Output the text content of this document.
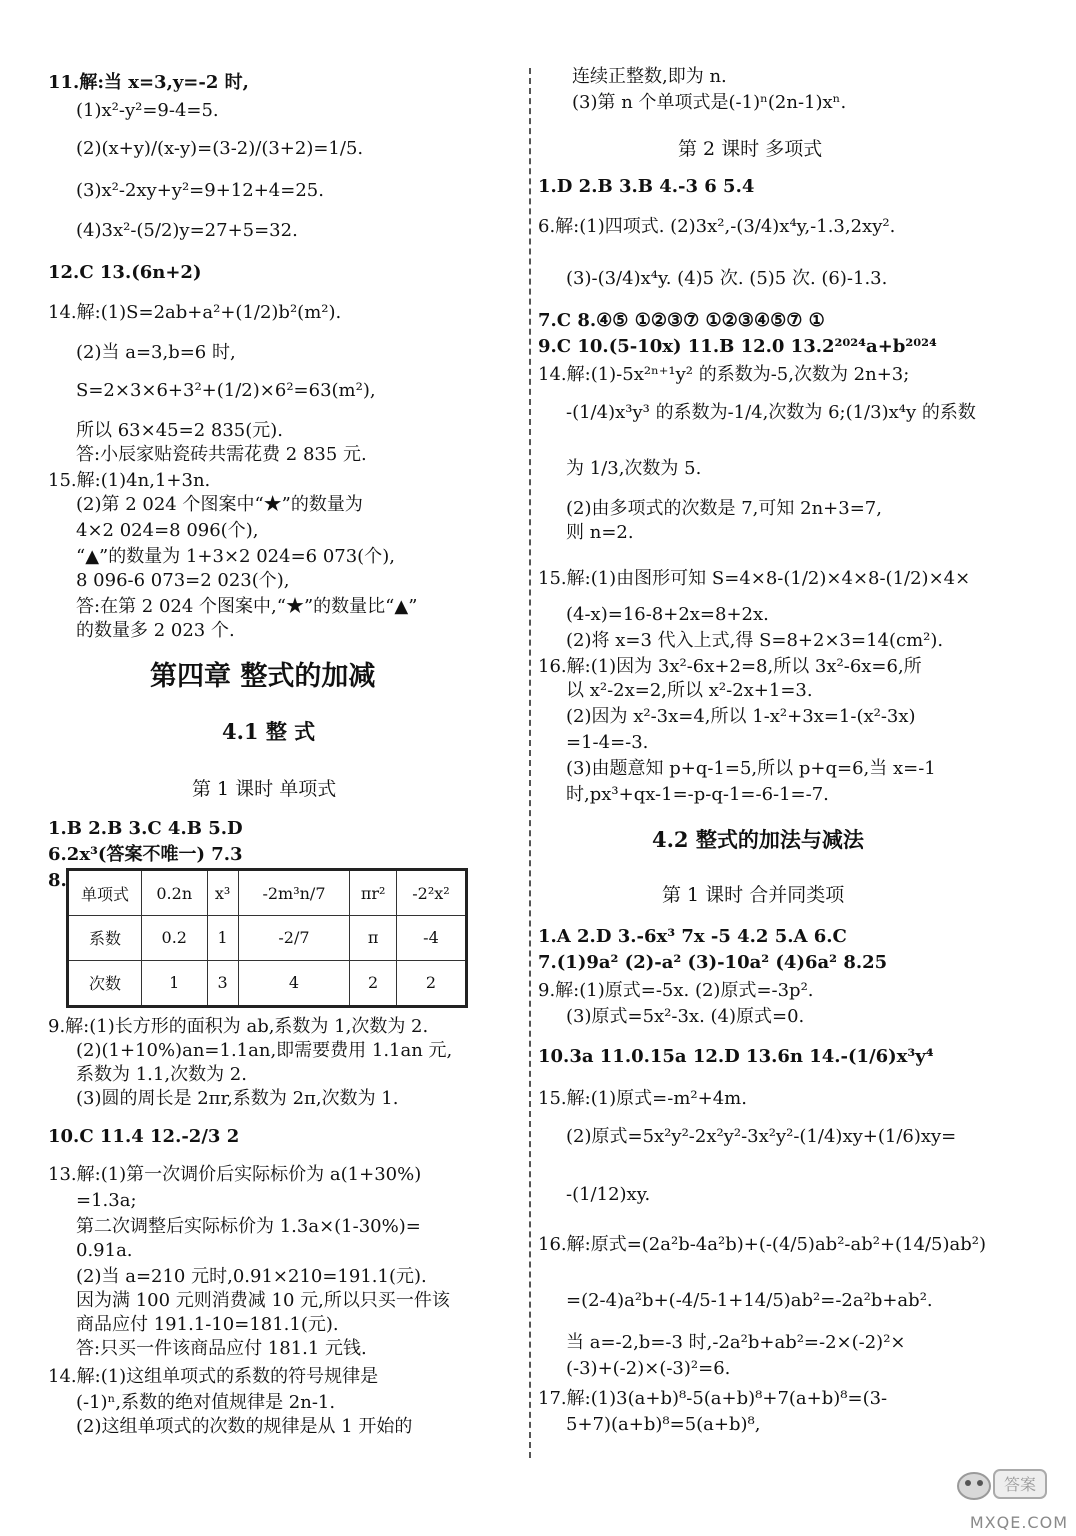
11.解:当 x=3,y=-2 时,
(1)x²-y²=9-4=5.
(2)(x+y)/(x-y)=(3-2)/(3+2)=1/5.
(3)x²-2xy+y²=9+12+4=25.
(4)3x²-(5/2)y=27+5=32.
12.C 13.(6n+2)
14.解:(1)S=2ab+a²+(1/2)b²(m²).
(2)当 a=3,b=6 时,
S=2×3×6+3²+(1/2)×6²=63(m²),
所以 63×45=2 835(元).
答:小辰家贴瓷砖共需花费 2 835 元.
15.解:(1)4n,1+3n.
(2)第 2 024 个图案中“★”的数量为
4×2 024=8 096(个),
“▲”的数量为 1+3×2 024=6 073(个),
8 096-6 073=2 023(个),
答:在第 2 024 个图案中,“★”的数量比“▲”
的数量多 2 023 个.
第四章 整式的加减
4.1 整 式
第 1 课时 单项式
1.B 2.B 3.C 4.B 5.D
6.2x³(答案不唯一) 7.3
8.
单项式	0.2n	x³	-2m³n/7	πr²	-2²x²
系数	0.2	1	-2/7	π	-4
次数	1	3	4	2	2
9.解:(1)长方形的面积为 ab,系数为 1,次数为 2.
(2)(1+10%)an=1.1an,即需要费用 1.1an 元,
系数为 1.1,次数为 2.
(3)圆的周长是 2πr,系数为 2π,次数为 1.
10.C 11.4 12.-2/3 2
13.解:(1)第一次调价后实际标价为 a(1+30%)
=1.3a;
第二次调整后实际标价为 1.3a×(1-30%)=
0.91a.
(2)当 a=210 元时,0.91×210=191.1(元).
因为满 100 元则消费减 10 元,所以只买一件该
商品应付 191.1-10=181.1(元).
答:只买一件该商品应付 181.1 元钱.
14.解:(1)这组单项式的系数的符号规律是
(-1)ⁿ,系数的绝对值规律是 2n-1.
(2)这组单项式的次数的规律是从 1 开始的
连续正整数,即为 n.
(3)第 n 个单项式是(-1)ⁿ(2n-1)xⁿ.
第 2 课时 多项式
1.D 2.B 3.B 4.-3 6 5.4
6.解:(1)四项式. (2)3x²,-(3/4)x⁴y,-1.3,2xy².
(3)-(3/4)x⁴y. (4)5 次. (5)5 次. (6)-1.3.
7.C 8.④⑤ ①②③⑦ ①②③④⑤⑦ ①
9.C 10.(5-10x) 11.B 12.0 13.2²⁰²⁴a+b²⁰²⁴
14.解:(1)-5x²ⁿ⁺¹y² 的系数为-5,次数为 2n+3;
-(1/4)x³y³ 的系数为-1/4,次数为 6;(1/3)x⁴y 的系数
为 1/3,次数为 5.
(2)由多项式的次数是 7,可知 2n+3=7,
则 n=2.
15.解:(1)由图形可知 S=4×8-(1/2)×4×8-(1/2)×4×
(4-x)=16-8+2x=8+2x.
(2)将 x=3 代入上式,得 S=8+2×3=14(cm²).
16.解:(1)因为 3x²-6x+2=8,所以 3x²-6x=6,所
以 x²-2x=2,所以 x²-2x+1=3.
(2)因为 x²-3x=4,所以 1-x²+3x=1-(x²-3x)
=1-4=-3.
(3)由题意知 p+q-1=5,所以 p+q=6,当 x=-1
时,px³+qx-1=-p-q-1=-6-1=-7.
4.2 整式的加法与减法
第 1 课时 合并同类项
1.A 2.D 3.-6x³ 7x -5 4.2 5.A 6.C
7.(1)9a² (2)-a² (3)-10a² (4)6a² 8.25
9.解:(1)原式=-5x. (2)原式=-3p².
(3)原式=5x²-3x. (4)原式=0.
10.3a 11.0.15a 12.D 13.6n 14.-(1/6)x³y⁴
15.解:(1)原式=-m²+4m.
(2)原式=5x²y²-2x²y²-3x²y²-(1/4)xy+(1/6)xy=
-(1/12)xy.
16.解:原式=(2a²b-4a²b)+(-(4/5)ab²-ab²+(14/5)ab²)
=(2-4)a²b+(-4/5-1+14/5)ab²=-2a²b+ab².
当 a=-2,b=-3 时,-2a²b+ab²=-2×(-2)²×
(-3)+(-2)×(-3)²=6.
17.解:(1)3(a+b)⁸-5(a+b)⁸+7(a+b)⁸=(3-
5+7)(a+b)⁸=5(a+b)⁸,
答案
MXQE.COM
